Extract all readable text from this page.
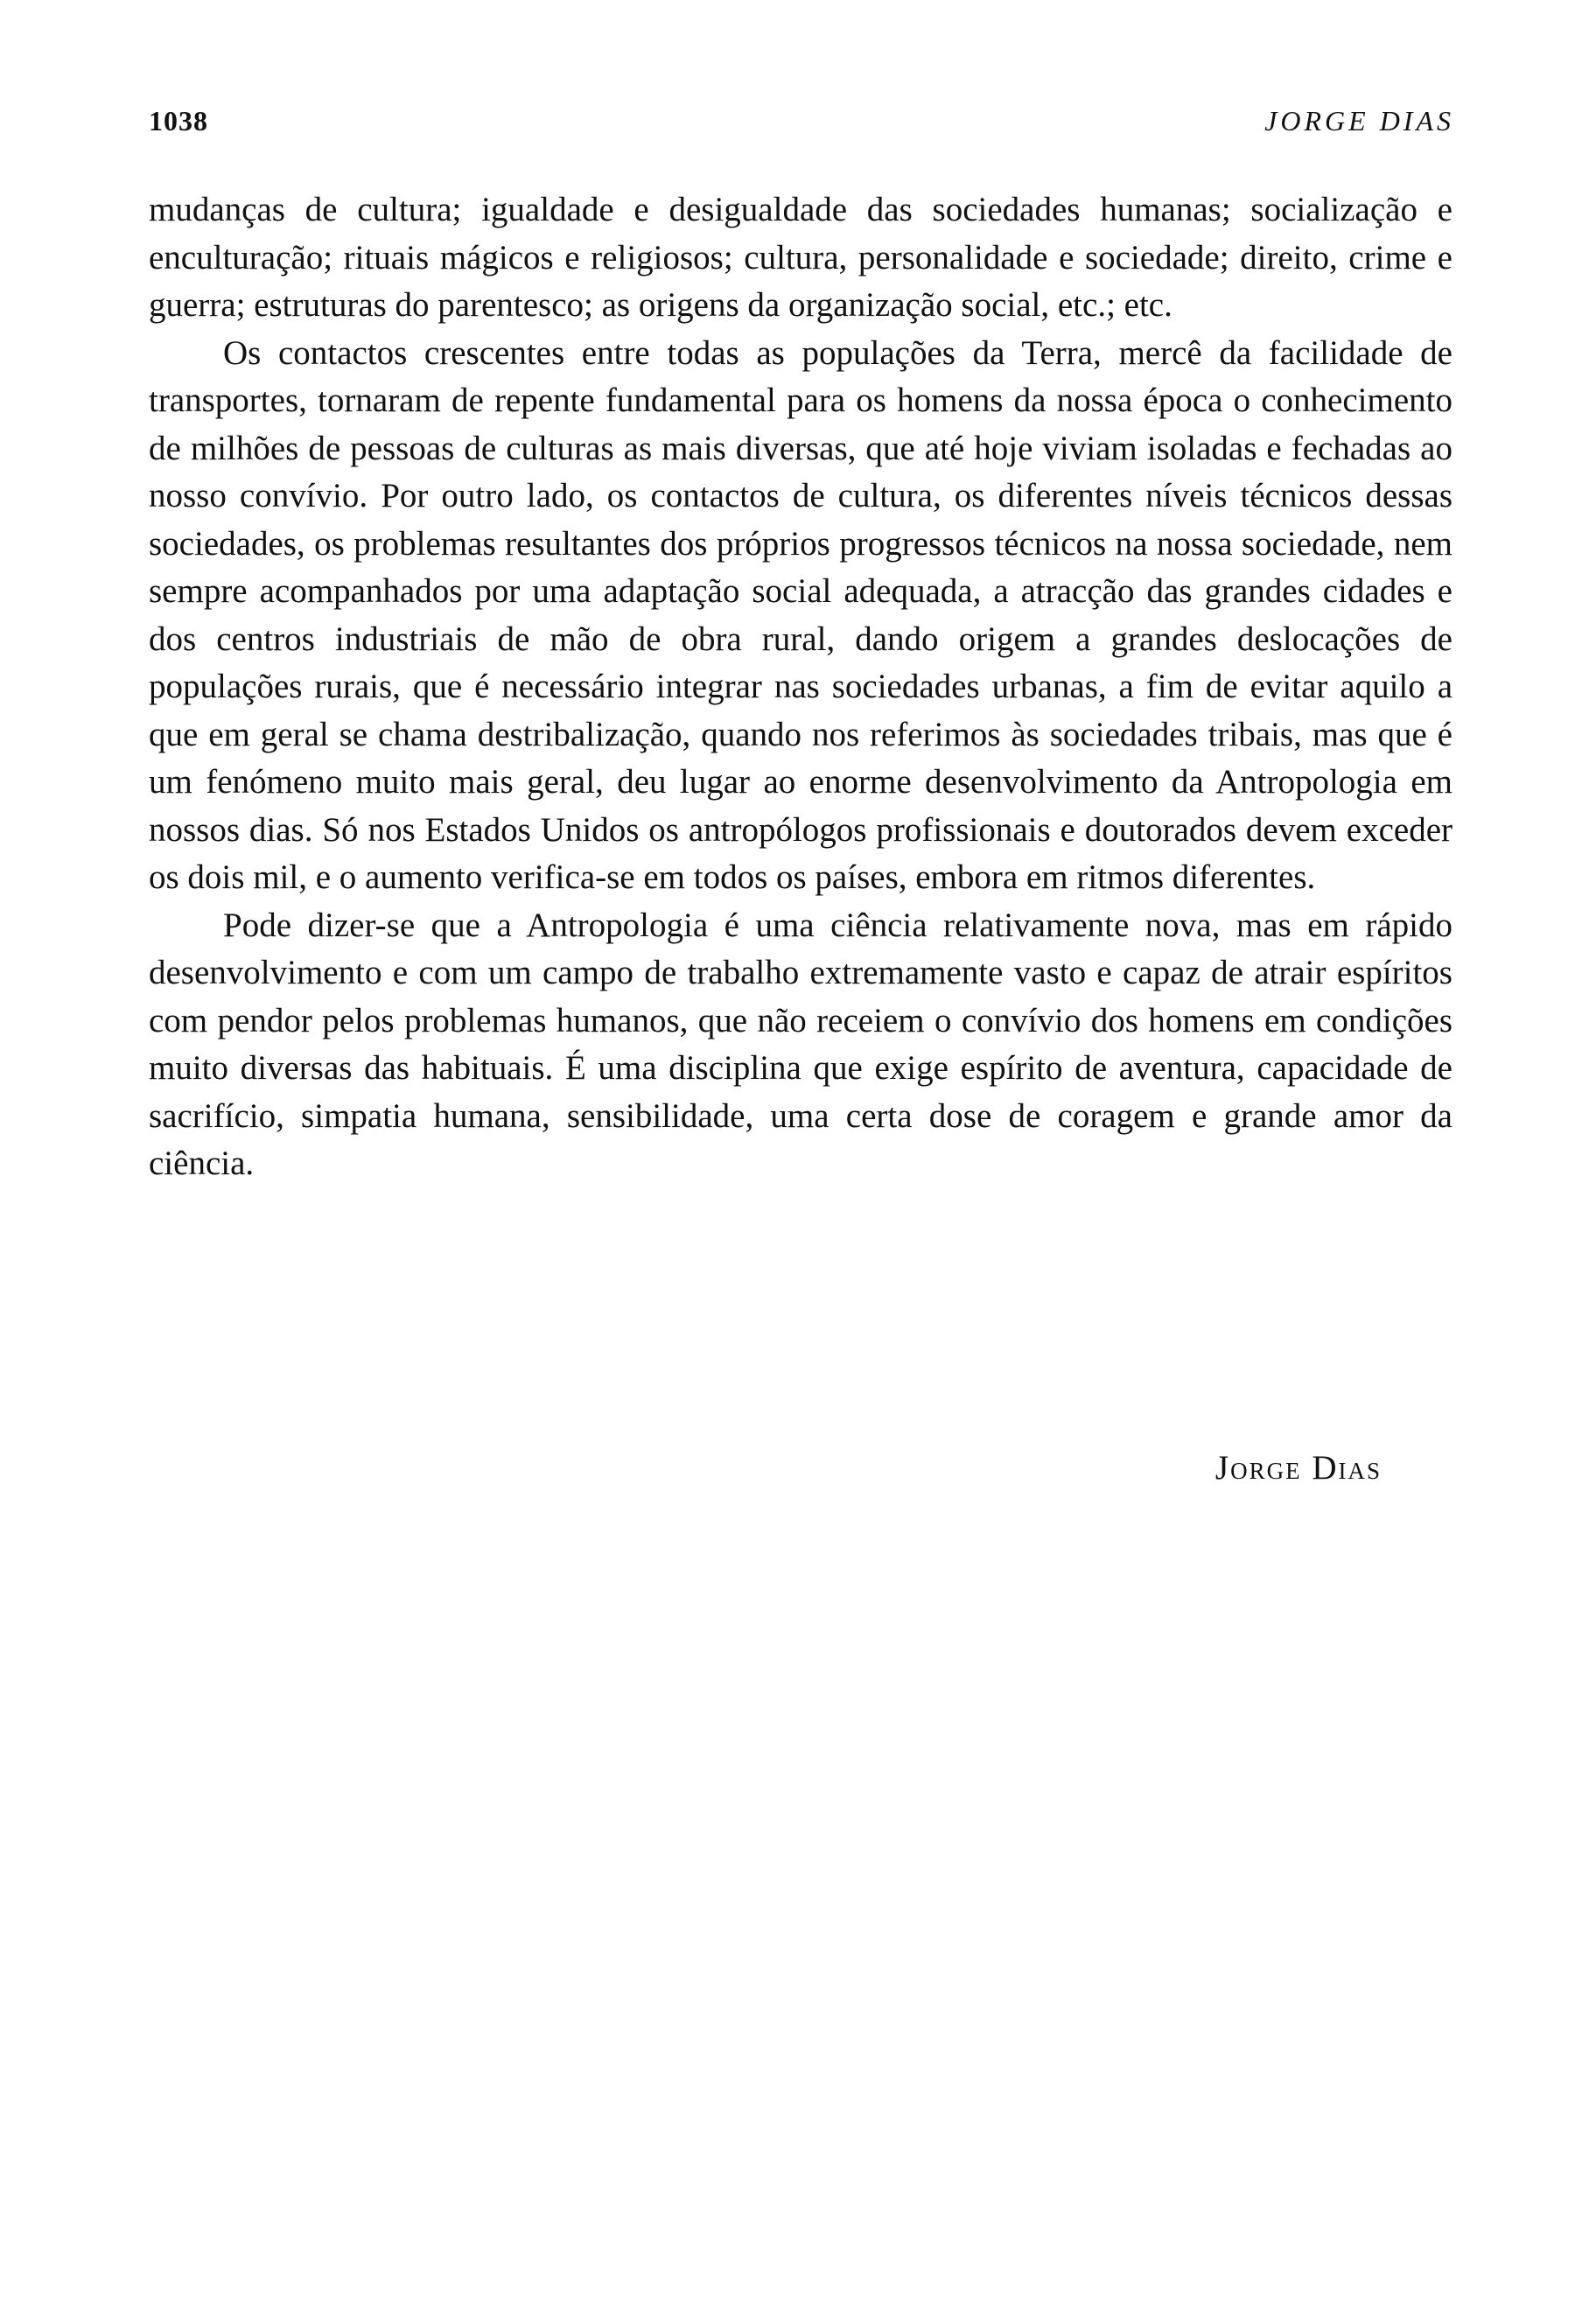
1038	JORGE DIAS

mudanças de cultura; igualdade e desigualdade das sociedades humanas; socialização e enculturação; rituais mágicos e religiosos; cultura, personalidade e sociedade; direito, crime e guerra; estruturas do parentesco; as origens da organização social, etc.; etc.

Os contactos crescentes entre todas as populações da Terra, mercê da facilidade de transportes, tornaram de repente fundamental para os homens da nossa época o conhecimento de milhões de pessoas de culturas as mais diversas, que até hoje viviam isoladas e fechadas ao nosso convívio. Por outro lado, os contactos de cultura, os diferentes níveis técnicos dessas sociedades, os problemas resultantes dos próprios progressos técnicos na nossa sociedade, nem sempre acompanhados por uma adaptação social adequada, a atracção das grandes cidades e dos centros industriais de mão de obra rural, dando origem a grandes deslocações de populações rurais, que é necessário integrar nas sociedades urbanas, a fim de evitar aquilo a que em geral se chama destribalização, quando nos referimos às sociedades tribais, mas que é um fenómeno muito mais geral, deu lugar ao enorme desenvolvimento da Antropologia em nossos dias. Só nos Estados Unidos os antropólogos profissionais e doutorados devem exceder os dois mil, e o aumento verifica-se em todos os países, embora em ritmos diferentes.

Pode dizer-se que a Antropologia é uma ciência relativamente nova, mas em rápido desenvolvimento e com um campo de trabalho extremamente vasto e capaz de atrair espíritos com pendor pelos problemas humanos, que não receiem o convívio dos homens em condições muito diversas das habituais. É uma disciplina que exige espírito de aventura, capacidade de sacrifício, simpatia humana, sensibilidade, uma certa dose de coragem e grande amor da ciência.

Jorge Dias
